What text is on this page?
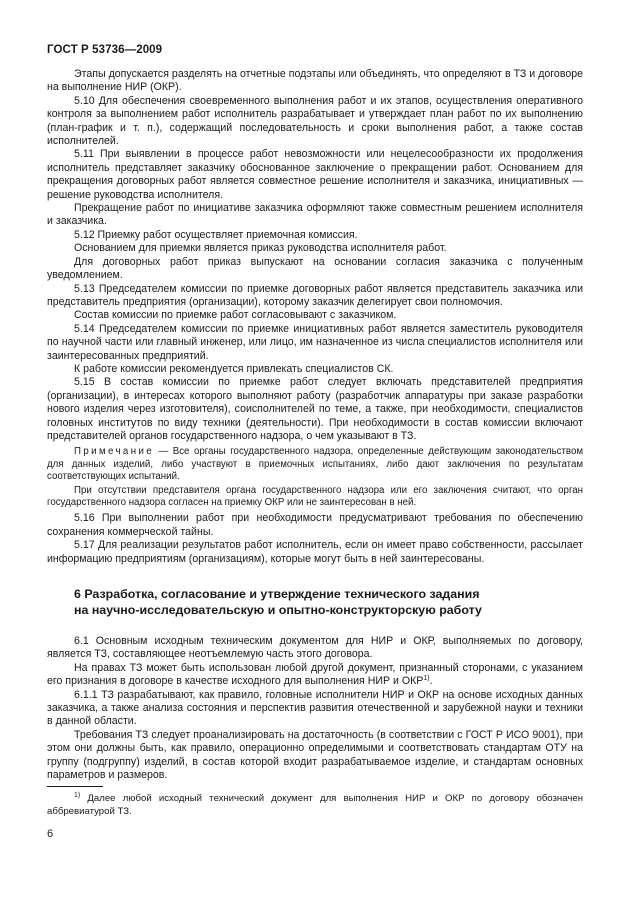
ГОСТ Р 53736—2009

Этапы допускается разделять на отчетные подэтапы или объединять, что определяют в ТЗ и договоре на выполнение НИР (ОКР).

5.10 Для обеспечения своевременного выполнения работ и их этапов, осуществления оперативного контроля за выполнением работ исполнитель разрабатывает и утверждает план работ по их выполнению (план-график и т. п.), содержащий последовательность и сроки выполнения работ, а также состав исполнителей.

5.11 При выявлении в процессе работ невозможности или нецелесообразности их продолжения исполнитель представляет заказчику обоснованное заключение о прекращении работ. Основанием для прекращения договорных работ является совместное решение исполнителя и заказчика, инициативных — решение руководства исполнителя.

Прекращение работ по инициативе заказчика оформляют также совместным решением исполнителя и заказчика.

5.12 Приемку работ осуществляет приемочная комиссия.

Основанием для приемки является приказ руководства исполнителя работ.

Для договорных работ приказ выпускают на основании согласия заказчика с полученным уведомлением.

5.13 Председателем комиссии по приемке договорных работ является представитель заказчика или представитель предприятия (организации), которому заказчик делегирует свои полномочия.

Состав комиссии по приемке работ согласовывают с заказчиком.

5.14 Председателем комиссии по приемке инициативных работ является заместитель руководителя по научной части или главный инженер, или лицо, им назначенное из числа специалистов исполнителя или заинтересованных предприятий.

К работе комиссии рекомендуется привлекать специалистов СК.

5.15 В состав комиссии по приемке работ следует включать представителей предприятия (организации), в интересах которого выполняют работу (разработчик аппаратуры при заказе разработки нового изделия через изготовителя), соисполнителей по теме, а также, при необходимости, специалистов головных институтов по виду техники (деятельности). При необходимости в состав комиссии включают представителей органов государственного надзора, о чем указывают в ТЗ.

Примечание — Все органы государственного надзора, определенные действующим законодательством для данных изделий, либо участвуют в приемочных испытаниях, либо дают заключения по результатам соответствующих испытаний.

При отсутствии представителя органа государственного надзора или его заключения считают, что орган государственного надзора согласен на приемку ОКР или не заинтересован в ней.

5.16 При выполнении работ при необходимости предусматривают требования по обеспечению сохранения коммерческой тайны.

5.17 Для реализации результатов работ исполнитель, если он имеет право собственности, рассылает информацию предприятиям (организациям), которые могут быть в ней заинтересованы.

6 Разработка, согласование и утверждение технического задания
на научно-исследовательскую и опытно-конструкторскую работу

6.1 Основным исходным техническим документом для НИР и ОКР, выполняемых по договору, является ТЗ, составляющее неотъемлемую часть этого договора.

На правах ТЗ может быть использован любой другой документ, признанный сторонами, с указанием его признания в договоре в качестве исходного для выполнения НИР и ОКР$^{1)}$.

6.1.1 ТЗ разрабатывают, как правило, головные исполнители НИР и ОКР на основе исходных данных заказчика, а также анализа состояния и перспектив развития отечественной и зарубежной науки и техники в данной области.

Требования ТЗ следует проанализировать на достаточность (в соответствии с ГОСТ Р ИСО 9001), при этом они должны быть, как правило, операционно определимыми и соответствовать стандартам ОТУ на группу (подгруппу) изделий, в состав которой входит разрабатываемое изделие, и стандартам основных параметров и размеров.

$^{1)}$ Далее любой исходный технический документ для выполнения НИР и ОКР по договору обозначен аббревиатурой ТЗ.

6
